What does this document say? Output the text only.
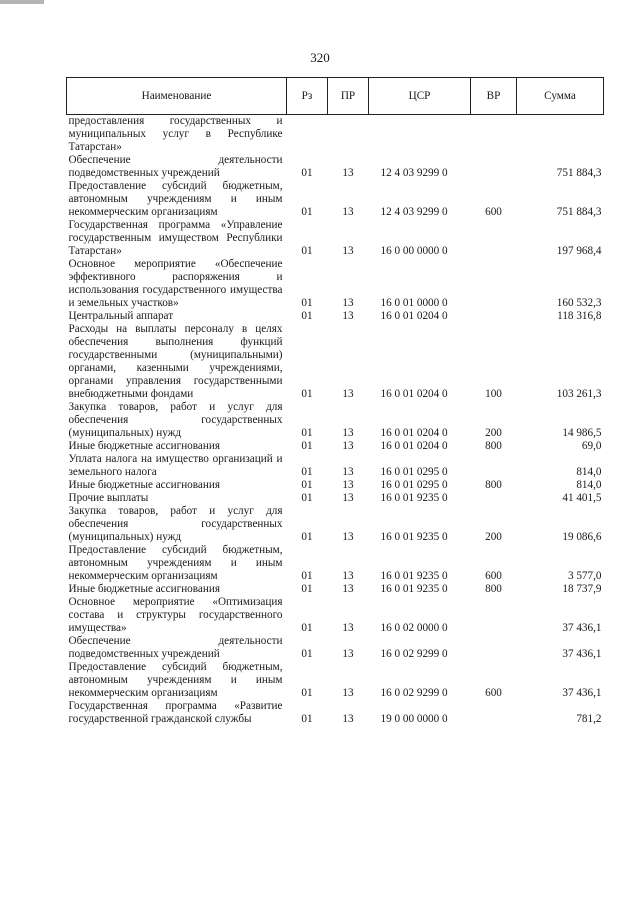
320
Наименование	Рз	ПР	ЦСР	ВР	Сумма
предоставления государственных и муниципальных услуг в Республике Татарстан»					
Обеспечение деятельности подведомственных учреждений	01	13	12 4 03 9299 0		751 884,3
Предоставление субсидий бюджетным, автономным учреждениям и иным некоммерческим организациям	01	13	12 4 03 9299 0	600	751 884,3
Государственная программа «Управление государственным имуществом Республики Татарстан»	01	13	16 0 00 0000 0		197 968,4
Основное мероприятие «Обеспечение эффективного распоряжения и использования государственного имущества и земельных участков»	01	13	16 0 01 0000 0		160 532,3
Центральный аппарат	01	13	16 0 01 0204 0		118 316,8
Расходы на выплаты персоналу в целях обеспечения выполнения функций государственными (муниципальными) органами, казенными учреждениями, органами управления государственными внебюджетными фондами	01	13	16 0 01 0204 0	100	103 261,3
Закупка товаров, работ и услуг для обеспечения государственных (муниципальных) нужд	01	13	16 0 01 0204 0	200	14 986,5
Иные бюджетные ассигнования	01	13	16 0 01 0204 0	800	69,0
Уплата налога на имущество организаций и земельного налога	01	13	16 0 01 0295 0		814,0
Иные бюджетные ассигнования	01	13	16 0 01 0295 0	800	814,0
Прочие выплаты	01	13	16 0 01 9235 0		41 401,5
Закупка товаров, работ и услуг для обеспечения государственных (муниципальных) нужд	01	13	16 0 01 9235 0	200	19 086,6
Предоставление субсидий бюджетным, автономным учреждениям и иным некоммерческим организациям	01	13	16 0 01 9235 0	600	3 577,0
Иные бюджетные ассигнования	01	13	16 0 01 9235 0	800	18 737,9
Основное мероприятие «Оптимизация состава и структуры государственного имущества»	01	13	16 0 02 0000 0		37 436,1
Обеспечение деятельности подведомственных учреждений	01	13	16 0 02 9299 0		37 436,1
Предоставление субсидий бюджетным, автономным учреждениям и иным некоммерческим организациям	01	13	16 0 02 9299 0	600	37 436,1
Государственная программа «Развитие государственной гражданской службы	01	13	19 0 00 0000 0		781,2
